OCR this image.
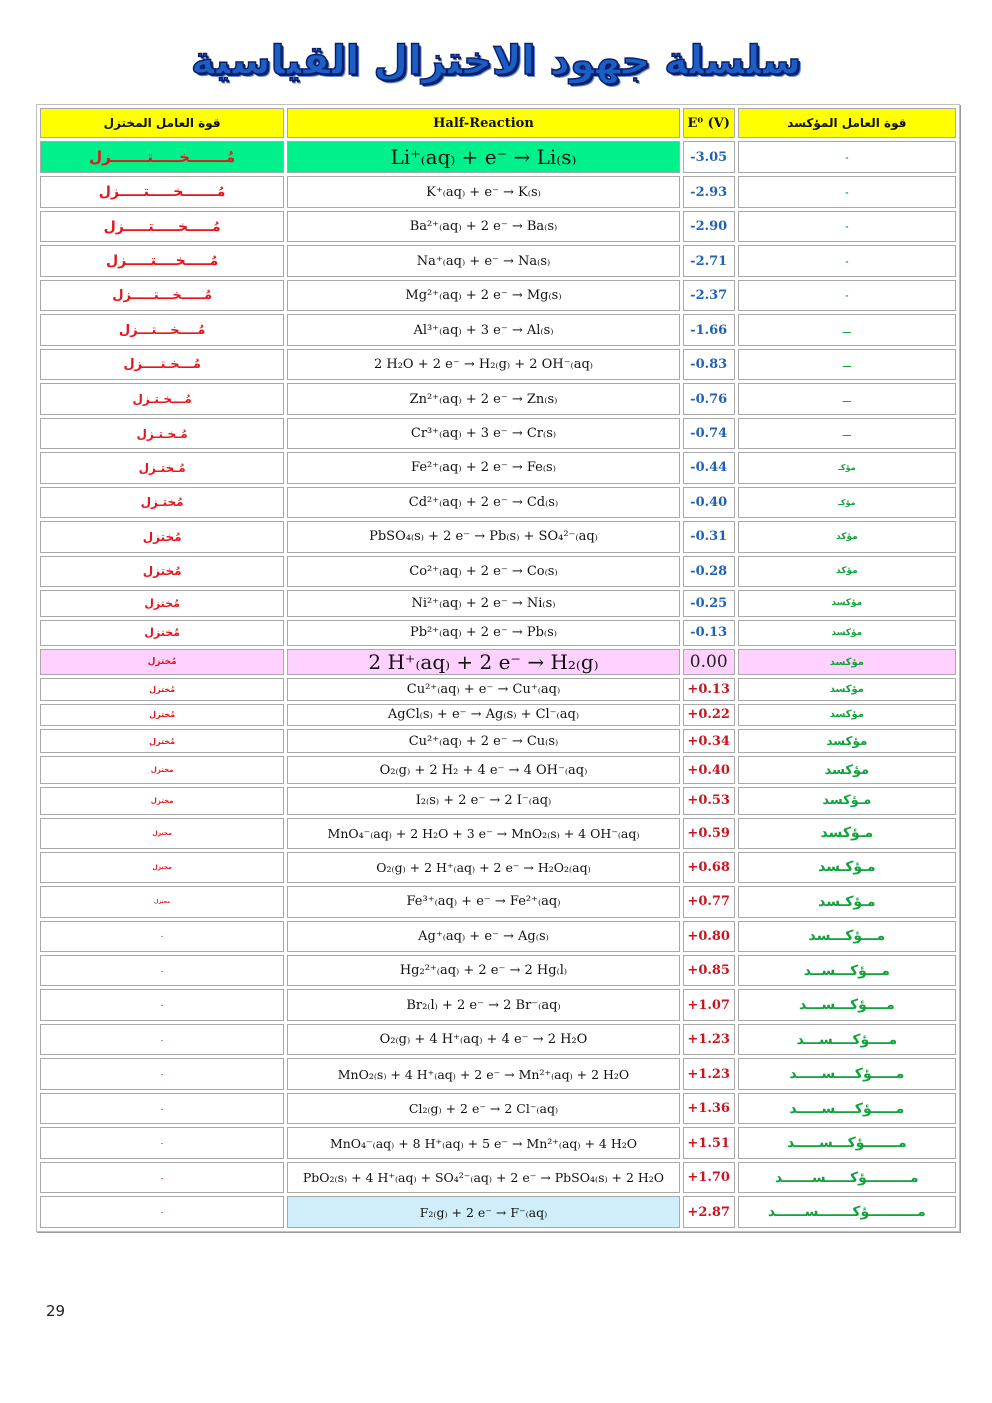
سلسلة جهود الاختزال القياسية
قوة العامل المختزل	Half-Reaction	E⁰ (V)	قوة العامل المؤكسد
مُـــــــخـــــتـــــــزل	Li⁺₍aq₎ + e⁻ → Li₍s₎	-3.05	-
مُـــــــخـــــتـــــزل	K⁺₍aq₎ + e⁻ → K₍s₎	-2.93	-
مُـــــخـــــتـــــزل	Ba²⁺₍aq₎ + 2 e⁻ → Ba₍s₎	-2.90	-
مُـــــخــــتـــــزل	Na⁺₍aq₎ + e⁻ → Na₍s₎	-2.71	-
مُـــــخـــتـــــزل	Mg²⁺₍aq₎ + 2 e⁻ → Mg₍s₎	-2.37	-
مُــــخـــتـــزل	Al³⁺₍aq₎ + 3 e⁻ → Al₍s₎	-1.66	ـــ
مُـــخـتــــزل	2 H₂O + 2 e⁻ → H₂₍g₎ + 2 OH⁻₍aq₎	-0.83	ـــ
مُـــخـتـزل	Zn²⁺₍aq₎ + 2 e⁻ → Zn₍s₎	-0.76	ـــ
مُـخـتـزل	Cr³⁺₍aq₎ + 3 e⁻ → Cr₍s₎	-0.74	ـــ
مُـختـزل	Fe²⁺₍aq₎ + 2 e⁻ → Fe₍s₎	-0.44	مؤكـ
مُختـزل	Cd²⁺₍aq₎ + 2 e⁻ → Cd₍s₎	-0.40	مؤكـ
مُختزل	PbSO₄₍s₎ + 2 e⁻ → Pb₍s₎ + SO₄²⁻₍aq₎	-0.31	مؤكد
مُختزل	Co²⁺₍aq₎ + 2 e⁻ → Co₍s₎	-0.28	مؤكد
مُختزل	Ni²⁺₍aq₎ + 2 e⁻ → Ni₍s₎	-0.25	مؤكسد
مُختزل	Pb²⁺₍aq₎ + 2 e⁻ → Pb₍s₎	-0.13	مؤكسد
مُختزل	2 H⁺₍aq₎ + 2 e⁻ → H₂₍g₎	0.00	مؤكسد
مُختزل	Cu²⁺₍aq₎ + e⁻ → Cu⁺₍aq₎	+0.13	مؤكسد
مُختزل	AgCl₍s₎ + e⁻ → Ag₍s₎ + Cl⁻₍aq₎	+0.22	مؤكسد
مُختزل	Cu²⁺₍aq₎ + 2 e⁻ → Cu₍s₎	+0.34	مؤكسد
مختزل	O₂₍g₎ + 2 H₂ + 4 e⁻ → 4 OH⁻₍aq₎	+0.40	مؤكسد
مختزل	I₂₍s₎ + 2 e⁻ → 2 I⁻₍aq₎	+0.53	مـؤكسد
مختزل	MnO₄⁻₍aq₎ + 2 H₂O + 3 e⁻ → MnO₂₍s₎ + 4 OH⁻₍aq₎	+0.59	مـؤكسد
مختزل	O₂₍g₎ + 2 H⁺₍aq₎ + 2 e⁻ → H₂O₂₍aq₎	+0.68	مـؤكـسد
مختزل	Fe³⁺₍aq₎ + e⁻ → Fe²⁺₍aq₎	+0.77	مـؤكـسد
ـ	Ag⁺₍aq₎ + e⁻ → Ag₍s₎	+0.80	مـــؤكـــسد
ـ	Hg₂²⁺₍aq₎ + 2 e⁻ → 2 Hg₍l₎	+0.85	مـــؤكـــســد
ـ	Br₂₍l₎ + 2 e⁻ → 2 Br⁻₍aq₎	+1.07	مــــؤكـــســـد
ـ	O₂₍g₎ + 4 H⁺₍aq₎ + 4 e⁻ → 2 H₂O	+1.23	مــــؤكــــســـد
ـ	MnO₂₍s₎ + 4 H⁺₍aq₎ + 2 e⁻ → Mn²⁺₍aq₎ + 2 H₂O	+1.23	مـــــؤكــــســـــد
ـ	Cl₂₍g₎ + 2 e⁻ → 2 Cl⁻₍aq₎	+1.36	مـــــؤكــــســـــد
ـ	MnO₄⁻₍aq₎ + 8 H⁺₍aq₎ + 5 e⁻ → Mn²⁺₍aq₎ + 4 H₂O	+1.51	مـــــــؤكـــســـــد
ـ	PbO₂₍s₎ + 4 H⁺₍aq₎ + SO₄²⁻₍aq₎ + 2 e⁻ → PbSO₄₍s₎ + 2 H₂O	+1.70	مـــــــــؤكـــــســــــد
ـ	F₂₍g₎ + 2 e⁻ → F⁻₍aq₎	+2.87	مــــــــــؤكـــــــســــــد
29
